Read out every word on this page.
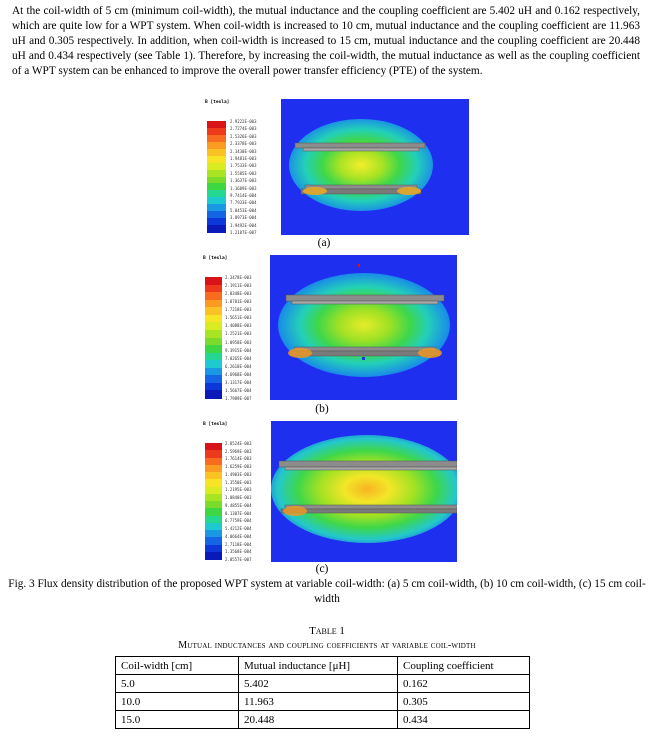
At the coil-width of 5 cm (minimum coil-width), the mutual inductance and the coupling coefficient are 5.402 uH and 0.162 respectively, which are quite low for a WPT system. When coil-width is increased to 10 cm, mutual inductance and the coupling coefficient are 11.963 uH and 0.305 respectively. In addition, when coil-width is increased to 15 cm, mutual inductance and the coupling coefficient are 20.448 uH and 0.434 respectively (see Table 1). Therefore, by increasing the coil-width, the mutual inductance as well as the coupling coefficient of a WPT system can be enhanced to improve the overall power transfer efficiency (PTE) of the system.

B [tesla]
2.9222E-003
2.7274E-003
2.5326E-003
2.3378E-003
2.1430E-003
1.9481E-003
1.7533E-003
1.5585E-003
1.3637E-003
1.1689E-003
9.7414E-004
7.7933E-004
5.8453E-004
3.8973E-004
1.9492E-004
1.2187E-007
(a)
B [tesla]
2.3478E-003
2.1911E-003
2.0348E-003
1.8781E-003
1.7218E-003
1.5651E-003
1.4088E-003
1.2521E-003
1.0958E-003
9.3915E-004
7.8265E-004
6.2618E-004
4.6968E-004
3.1317E-004
1.5667E-004
1.7989E-007
(b)
B [tesla]
2.8524E-003
2.5969E-003
1.7614E-003
1.6259E-003
1.4903E-003
1.3550E-003
1.2195E-003
1.0840E-003
9.4855E-004
8.1307E-004
6.7759E-004
5.4212E-004
4.0664E-004
2.7118E-004
1.3568E-004
2.0557E-007
(c)

Fig. 3 Flux density distribution of the proposed WPT system at variable coil-width: (a) 5 cm coil-width, (b) 10 cm coil-width, (c) 15 cm coil-width

Table 1
Mutual inductances and coupling coefficients at variable coil-width
Coil-width [cm]	Mutual inductance [μH]	Coupling coefficient
5.0	5.402	0.162
10.0	11.963	0.305
15.0	20.448	0.434
